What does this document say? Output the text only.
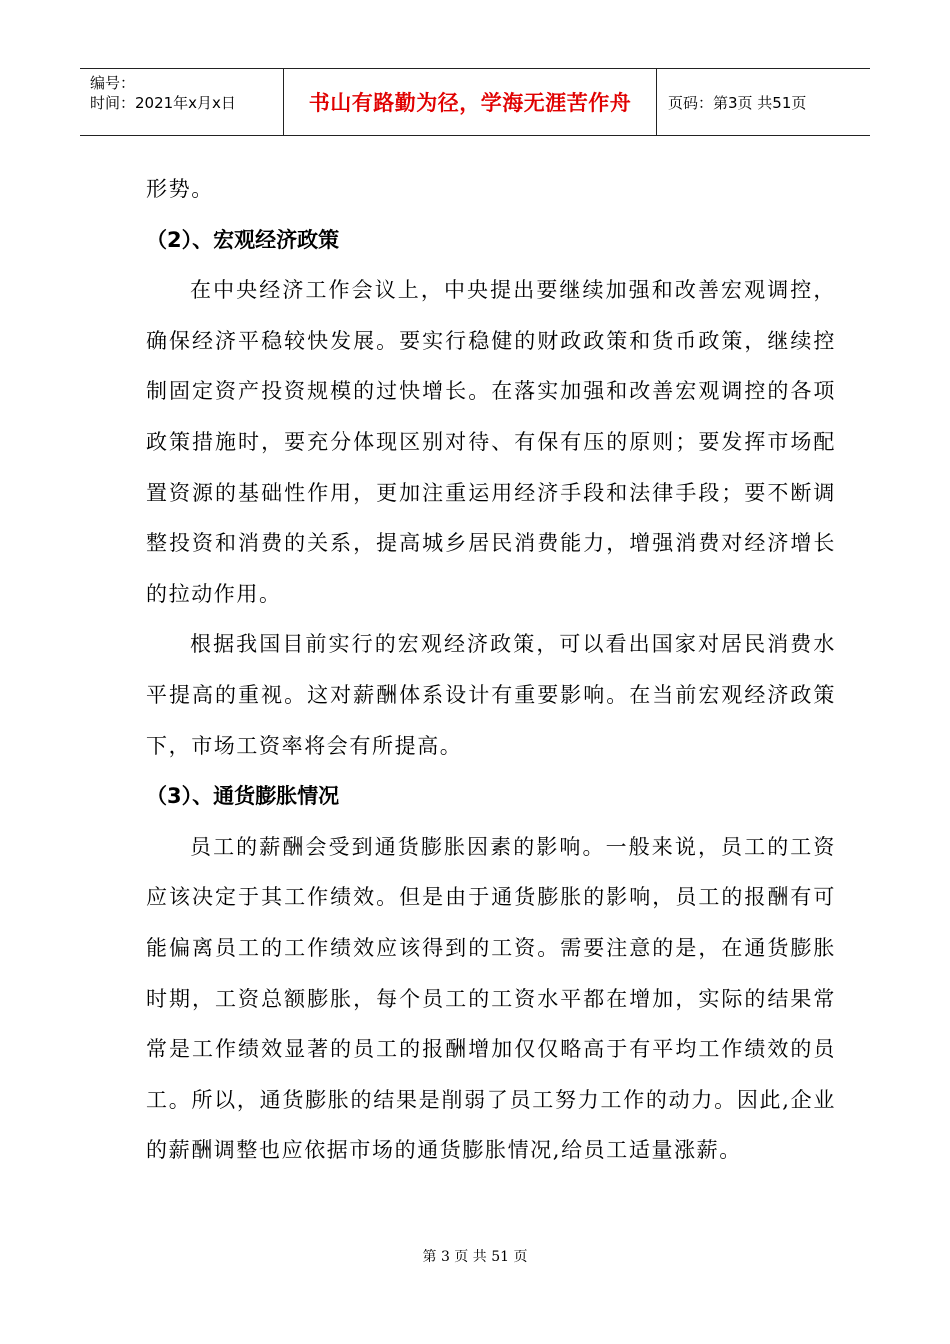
编号：
时间：2021年x月x日	书山有路勤为径，学海无涯苦作舟	页码：第3页 共51页

形势。

（2）、宏观经济政策

在中央经济工作会议上，中央提出要继续加强和改善宏观调控，确保经济平稳较快发展。要实行稳健的财政政策和货币政策，继续控制固定资产投资规模的过快增长。在落实加强和改善宏观调控的各项政策措施时，要充分体现区别对待、有保有压的原则；要发挥市场配置资源的基础性作用，更加注重运用经济手段和法律手段；要不断调整投资和消费的关系，提高城乡居民消费能力，增强消费对经济增长的拉动作用。

根据我国目前实行的宏观经济政策，可以看出国家对居民消费水平提高的重视。这对薪酬体系设计有重要影响。在当前宏观经济政策下，市场工资率将会有所提高。

（3）、通货膨胀情况

员工的薪酬会受到通货膨胀因素的影响。一般来说，员工的工资应该决定于其工作绩效。但是由于通货膨胀的影响，员工的报酬有可能偏离员工的工作绩效应该得到的工资。需要注意的是，在通货膨胀时期，工资总额膨胀，每个员工的工资水平都在增加，实际的结果常常是工作绩效显著的员工的报酬增加仅仅略高于有平均工作绩效的员工。所以，通货膨胀的结果是削弱了员工努力工作的动力。因此,企业的薪酬调整也应依据市场的通货膨胀情况,给员工适量涨薪。

第 3 页 共 51 页
